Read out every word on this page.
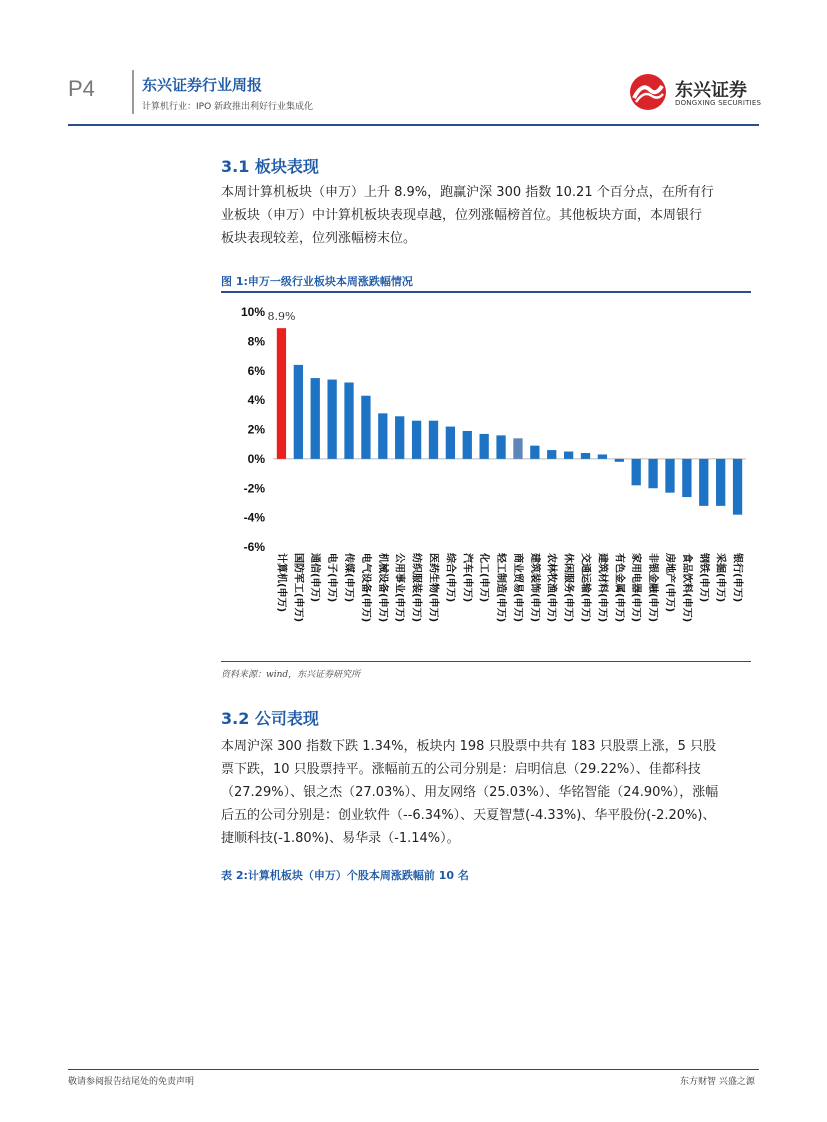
P4	东兴证券行业周报
计算机行业：IPO 新政推出利好行业集成化
东兴证券
DONGXING SECURITIES
3.1 板块表现
本周计算机板块（申万）上升 8.9%，跑赢沪深 300 指数 10.21 个百分点，在所有行
业板块（申万）中计算机板块表现卓越，位列涨幅榜首位。其他板块方面，本周银行
板块表现较差，位列涨幅榜末位。
图 1:申万一级行业板块本周涨跌幅情况
10%
8%
6%
4%
2%
0%
-2%
-4%
-6%
计算机(申万) 国防军工(申万) 通信(申万) 电子(申万) 传媒(申万) 电气设备(申万) 机械设备(申万) 公用事业(申万) 纺织服装(申万) 医药生物(申万) 综合(申万) 汽车(申万) 化工(申万) 轻工制造(申万) 商业贸易(申万) 建筑装饰(申万) 农林牧渔(申万) 休闲服务(申万) 交通运输(申万) 建筑材料(申万) 有色金属(申万) 家用电器(申万) 非银金融(申万) 房地产(申万) 食品饮料(申万) 钢铁(申万) 采掘(申万) 银行(申万)
8.9%
资料来源：wind，东兴证券研究所
3.2 公司表现
本周沪深 300 指数下跌 1.34%，板块内 198 只股票中共有 183 只股票上涨，5 只股
票下跌，10 只股票持平。涨幅前五的公司分别是：启明信息（29.22%）、佳都科技
（27.29%）、银之杰（27.03%）、用友网络（25.03%）、华铭智能（24.90%），涨幅
后五的公司分别是：创业软件（--6.34%）、天夏智慧(-4.33%)、华平股份(-2.20%)、
捷顺科技(-1.80%)、易华录（-1.14%）。
表 2:计算机板块（申万）个股本周涨跌幅前 10 名
敬请参阅报告结尾处的免责声明	东方财智 兴盛之源
